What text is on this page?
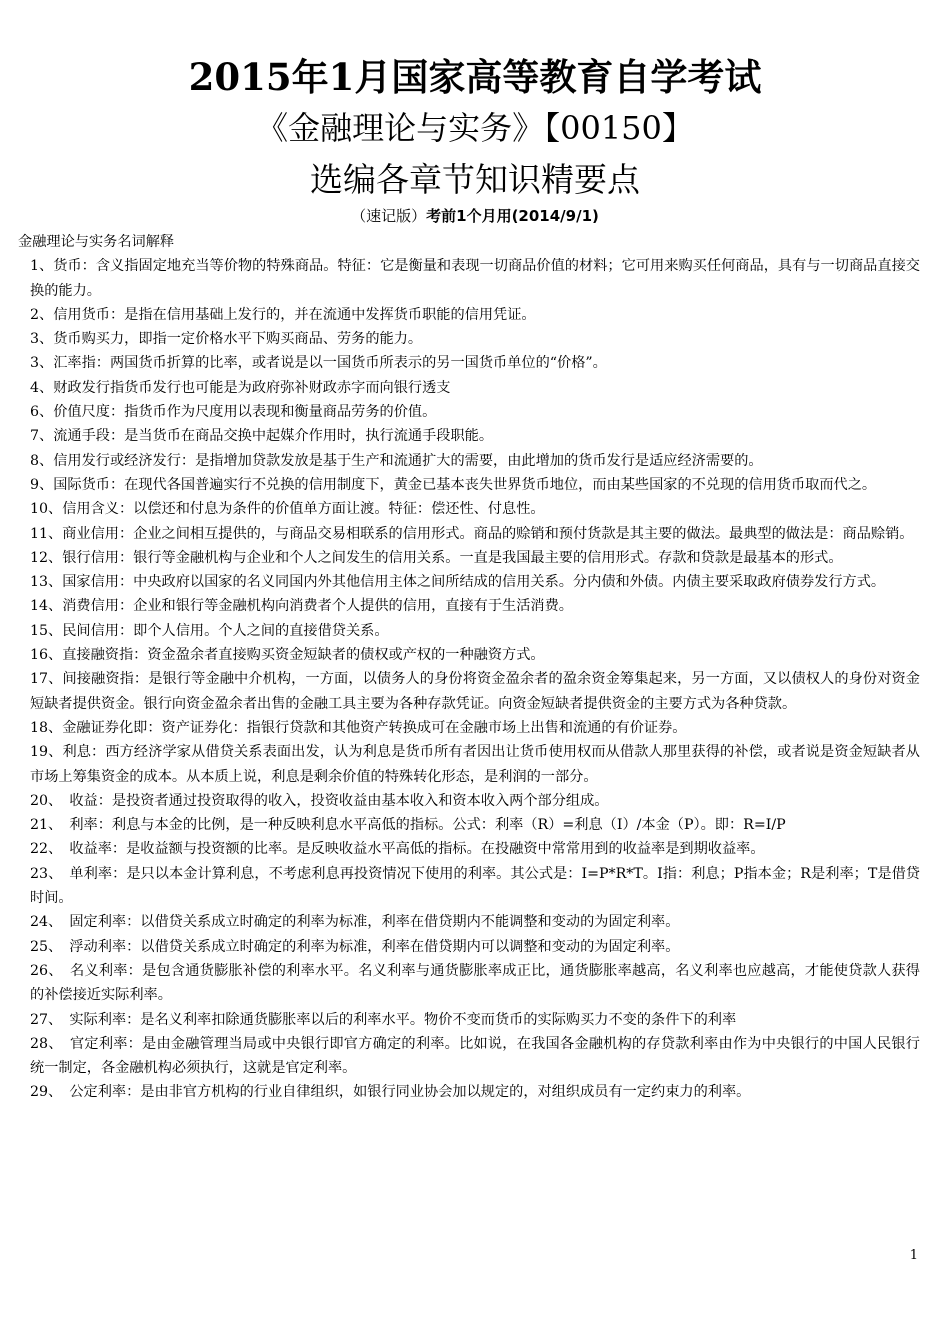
2015年1月国家高等教育自学考试
《金融理论与实务》【00150】
选编各章节知识精要点
（速记版）考前1个月用(2014/9/1)

金融理论与实务名词解释

1、货币：含义指固定地充当等价物的特殊商品。特征：它是衡量和表现一切商品价值的材料；它可用来购买任何商品，具有与一切商品直接交换的能力。

2、信用货币：是指在信用基础上发行的，并在流通中发挥货币职能的信用凭证。

3、货币购买力，即指一定价格水平下购买商品、劳务的能力。

3、汇率指：两国货币折算的比率，或者说是以一国货币所表示的另一国货币单位的“价格”。

4、财政发行指货币发行也可能是为政府弥补财政赤字而向银行透支

6、价值尺度：指货币作为尺度用以表现和衡量商品劳务的价值。

7、流通手段：是当货币在商品交换中起媒介作用时，执行流通手段职能。

8、信用发行或经济发行：是指增加贷款发放是基于生产和流通扩大的需要，由此增加的货币发行是适应经济需要的。

9、国际货币：在现代各国普遍实行不兑换的信用制度下，黄金已基本丧失世界货币地位，而由某些国家的不兑现的信用货币取而代之。

10、信用含义：以偿还和付息为条件的价值单方面让渡。特征：偿还性、付息性。

11、商业信用：企业之间相互提供的，与商品交易相联系的信用形式。商品的赊销和预付货款是其主要的做法。最典型的做法是：商品赊销。

12、银行信用：银行等金融机构与企业和个人之间发生的信用关系。一直是我国最主要的信用形式。存款和贷款是最基本的形式。

13、国家信用：中央政府以国家的名义同国内外其他信用主体之间所结成的信用关系。分内债和外债。内债主要采取政府债券发行方式。

14、消费信用：企业和银行等金融机构向消费者个人提供的信用，直接有于生活消费。

15、民间信用：即个人信用。个人之间的直接借贷关系。

16、直接融资指：资金盈余者直接购买资金短缺者的债权或产权的一种融资方式。

17、间接融资指：是银行等金融中介机构，一方面，以债务人的身份将资金盈余者的盈余资金筹集起来，另一方面，又以债权人的身份对资金短缺者提供资金。银行向资金盈余者出售的金融工具主要为各种存款凭证。向资金短缺者提供资金的主要方式为各种贷款。

18、金融证券化即：资产证券化：指银行贷款和其他资产转换成可在金融市场上出售和流通的有价证券。

19、利息：西方经济学家从借贷关系表面出发，认为利息是货币所有者因出让货币使用权而从借款人那里获得的补偿，或者说是资金短缺者从市场上筹集资金的成本。从本质上说，利息是剩余价值的特殊转化形态，是利润的一部分。

20、　收益：是投资者通过投资取得的收入，投资收益由基本收入和资本收入两个部分组成。

21、　利率：利息与本金的比例，是一种反映利息水平高低的指标。公式：利率（R）=利息（I）/本金（P）。即：R=I/P

22、　收益率：是收益额与投资额的比率。是反映收益水平高低的指标。在投融资中常常用到的收益率是到期收益率。

23、　单利率：是只以本金计算利息，不考虑利息再投资情况下使用的利率。其公式是：I=P*R*T。I指：利息；P指本金；R是利率；T是借贷时间。

24、　固定利率：以借贷关系成立时确定的利率为标准，利率在借贷期内不能调整和变动的为固定利率。

25、　浮动利率：以借贷关系成立时确定的利率为标准，利率在借贷期内可以调整和变动的为固定利率。

26、　名义利率：是包含通货膨胀补偿的利率水平。名义利率与通货膨胀率成正比，通货膨胀率越高，名义利率也应越高，才能使贷款人获得的补偿接近实际利率。

27、　实际利率：是名义利率扣除通货膨胀率以后的利率水平。物价不变而货币的实际购买力不变的条件下的利率

28、　官定利率：是由金融管理当局或中央银行即官方确定的利率。比如说，在我国各金融机构的存贷款利率由作为中央银行的中国人民银行统一制定，各金融机构必须执行，这就是官定利率。

29、　公定利率：是由非官方机构的行业自律组织，如银行同业协会加以规定的，对组织成员有一定约束力的利率。

1
